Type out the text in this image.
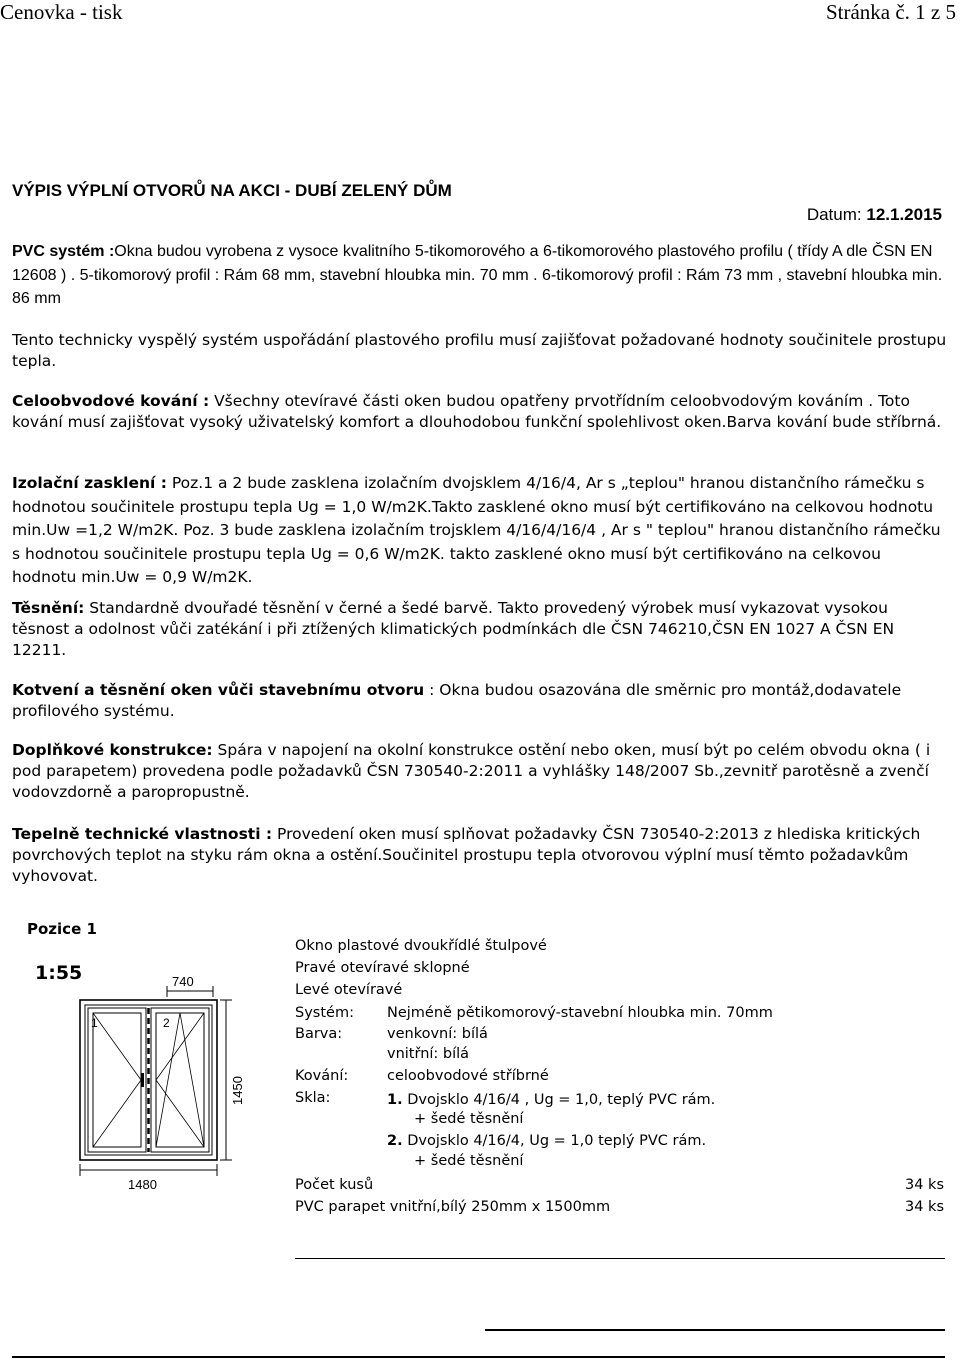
Cenovka - tisk	Stránka č. 1 z 5
VÝPIS VÝPLNÍ OTVORŮ NA AKCI - DUBÍ ZELENÝ DŮM
Datum: 12.1.2015
PVC systém :Okna budou vyrobena z vysoce kvalitního 5-tikomorového a 6-tikomorového plastového profilu ( třídy A dle ČSN EN 12608 ) . 5-tikomorový profil : Rám 68 mm, stavební hloubka min. 70 mm . 6-tikomorový profil : Rám 73 mm , stavební hloubka min. 86 mm
Tento technicky vyspělý systém uspořádání plastového profilu musí zajišťovat požadované hodnoty součinitele prostupu tepla.
Celoobvodové kování : Všechny otevíravé části oken budou opatřeny prvotřídním celoobvodovým kováním . Toto kování musí zajišťovat vysoký uživatelský komfort a dlouhodobou funkční spolehlivost oken.Barva kování bude stříbrná.
Izolační zasklení : Poz.1 a 2 bude zasklena izolačním dvojsklem 4/16/4, Ar s „teplou" hranou distančního rámečku s hodnotou součinitele prostupu tepla Ug = 1,0 W/m2K.Takto zasklené okno musí být certifikováno na celkovou hodnotu min.Uw =1,2 W/m2K. Poz. 3 bude zasklena izolačním trojsklem 4/16/4/16/4 , Ar s " teplou" hranou distančního rámečku s hodnotou součinitele prostupu tepla Ug = 0,6 W/m2K. takto zasklené okno musí být certifikováno na celkovou hodnotu min.Uw = 0,9 W/m2K.
Těsnění: Standardně dvouřadé těsnění v černé a šedé barvě. Takto provedený výrobek musí vykazovat vysokou těsnost a odolnost vůči zatékání i při ztížených klimatických podmínkách dle ČSN 746210,ČSN EN 1027 A ČSN EN 12211.
Kotvení a těsnění oken vůči stavebnímu otvoru : Okna budou osazována dle směrnic pro montáž,dodavatele profilového systému.
Doplňkové konstrukce: Spára v napojení na okolní konstrukce ostění nebo oken, musí být po celém obvodu okna ( i pod parapetem) provedena podle požadavků ČSN 730540-2:2011 a vyhlášky 148/2007 Sb.,zevnitř parotěsně a zvenčí vodovzdorně a paropropustně.
Tepelně technické vlastnosti : Provedení oken musí splňovat požadavky ČSN 730540-2:2013 z hlediska kritických povrchových teplot na styku rám okna a ostění.Součinitel prostupu tepla otvorovou výplní musí těmto požadavkům vyhovovat.
Pozice 1
1:55	740
1	2
1450
1480
Okno plastové dvoukřídlé štulpové
Pravé otevíravé sklopné
Levé otevíravé
Systém: Nejméně pětikomorový-stavební hloubka min. 70mm
Barva:	venkovní: bílá
vnitřní: bílá
Kování:	celoobvodové stříbrné
Skla:	1. Dvojsklo 4/16/4 , Ug = 1,0, teplý PVC rám.
+ šedé těsnění
2. Dvojsklo 4/16/4, Ug = 1,0 teplý PVC rám.
+ šedé těsnění
Počet kusů	34 ks
PVC parapet vnitřní,bílý 250mm x 1500mm	34 ks
